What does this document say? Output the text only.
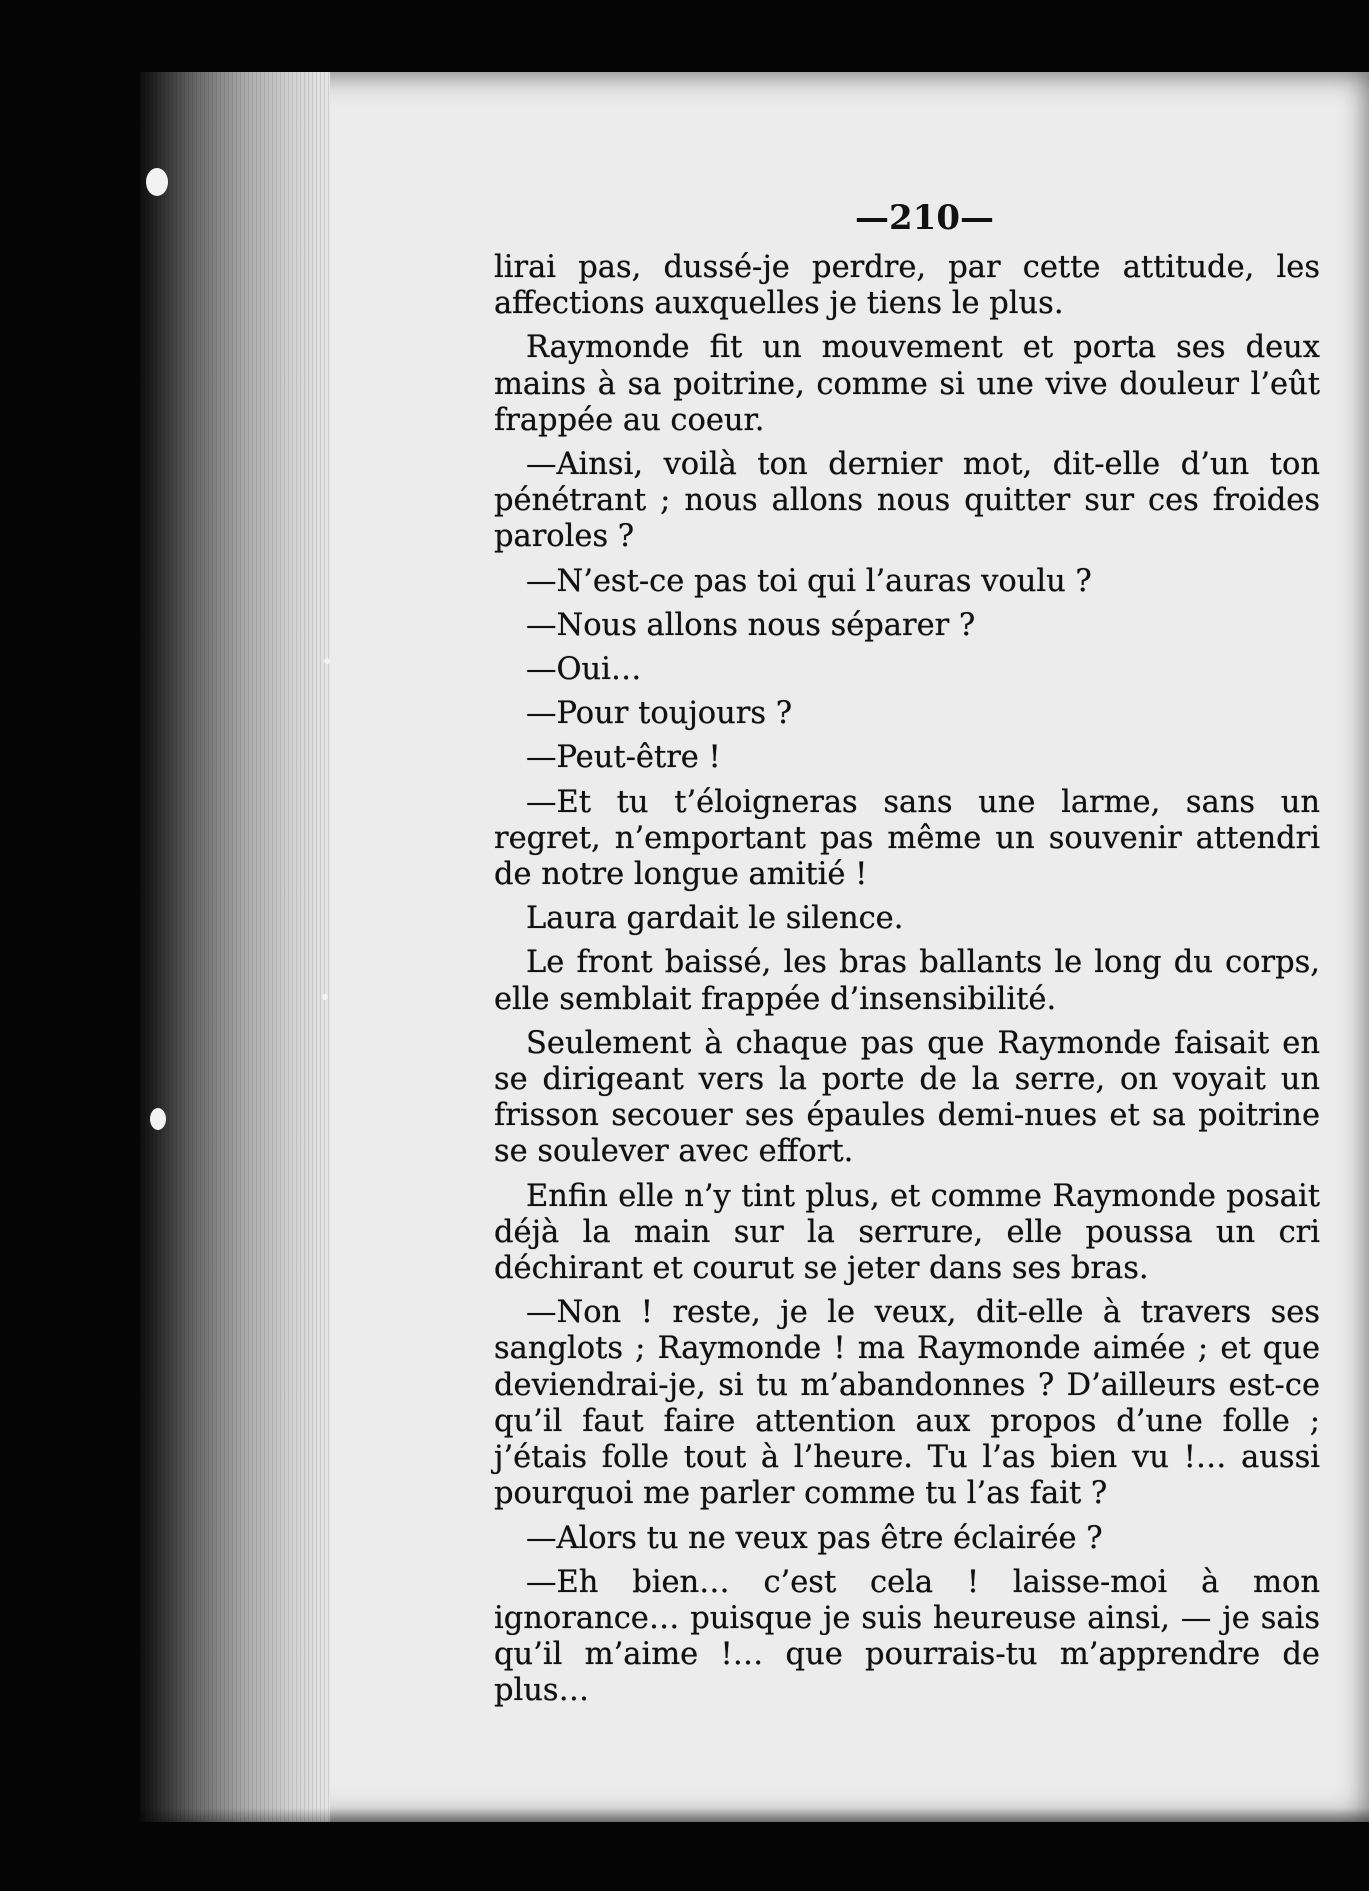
—210—

lirai pas, dussé-je perdre, par cette attitude, les affections auxquelles je tiens le plus.

Raymonde fit un mouvement et porta ses deux mains à sa poitrine, comme si une vive douleur l’eût frappée au coeur.

—Ainsi, voilà ton dernier mot, dit-elle d’un ton pénétrant ; nous allons nous quitter sur ces froides paroles ?

—N’est-ce pas toi qui l’auras voulu ?

—Nous allons nous séparer ?

—Oui…

—Pour toujours ?

—Peut-être !

—Et tu t’éloigneras sans une larme, sans un regret, n’emportant pas même un souvenir attendri de notre longue amitié !

Laura gardait le silence.

Le front baissé, les bras ballants le long du corps, elle semblait frappée d’insensibilité.

Seulement à chaque pas que Raymonde faisait en se dirigeant vers la porte de la serre, on voyait un frisson secouer ses épaules demi-nues et sa poitrine se soulever avec effort.

Enfin elle n’y tint plus, et comme Raymonde posait déjà la main sur la serrure, elle poussa un cri déchirant et courut se jeter dans ses bras.

—Non ! reste, je le veux, dit-elle à travers ses sanglots ; Raymonde ! ma Raymonde aimée ; et que deviendrai-je, si tu m’abandonnes ? D’ailleurs est-ce qu’il faut faire attention aux propos d’une folle ; j’étais folle tout à l’heure. Tu l’as bien vu !… aussi pourquoi me parler comme tu l’as fait ?

—Alors tu ne veux pas être éclairée ?

—Eh bien… c’est cela ! laisse-moi à mon ignorance… puisque je suis heureuse ainsi, — je sais qu’il m’aime !… que pourrais-tu m’apprendre de plus…
